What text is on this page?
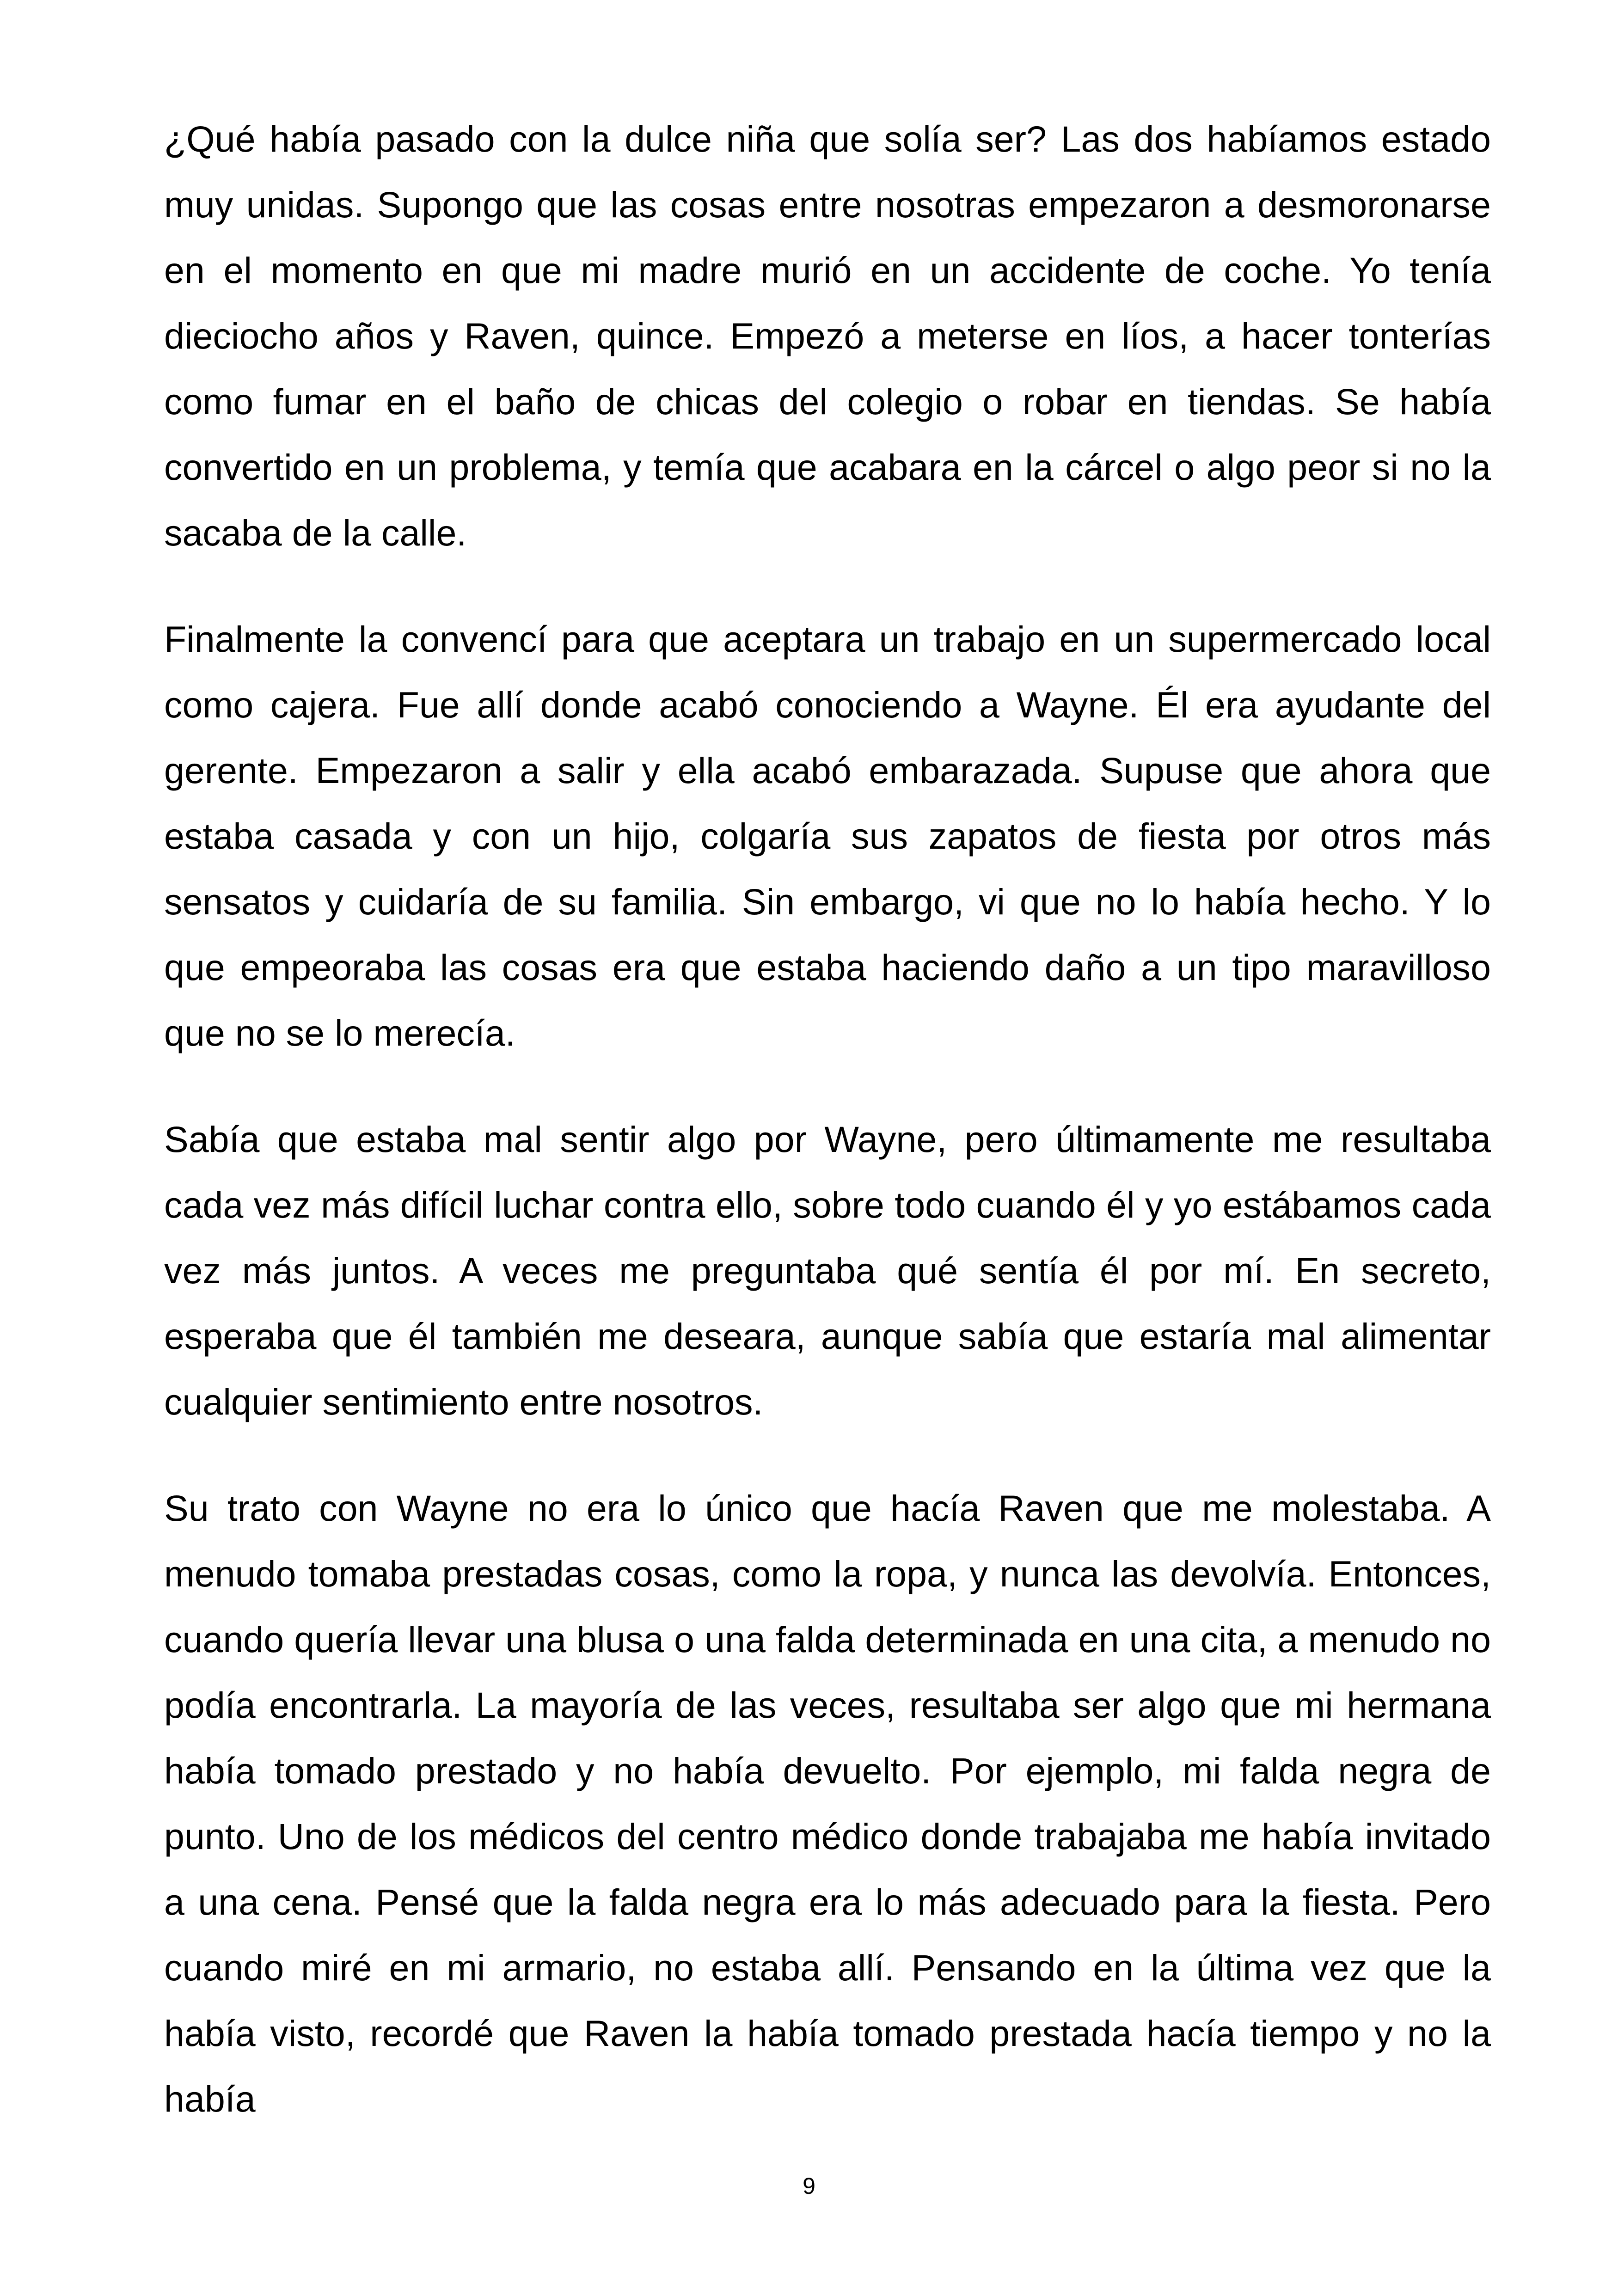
¿Qué había pasado con la dulce niña que solía ser? Las dos habíamos estado muy unidas. Supongo que las cosas entre nosotras empezaron a desmoronarse en el momento en que mi madre murió en un accidente de coche. Yo tenía dieciocho años y Raven, quince. Empezó a meterse en líos, a hacer tonterías como fumar en el baño de chicas del colegio o robar en tiendas. Se había convertido en un problema, y temía que acabara en la cárcel o algo peor si no la sacaba de la calle.

Finalmente la convencí para que aceptara un trabajo en un supermercado local como cajera. Fue allí donde acabó conociendo a Wayne. Él era ayudante del gerente. Empezaron a salir y ella acabó embarazada. Supuse que ahora que estaba casada y con un hijo, colgaría sus zapatos de fiesta por otros más sensatos y cuidaría de su familia. Sin embargo, vi que no lo había hecho. Y lo que empeoraba las cosas era que estaba haciendo daño a un tipo maravilloso que no se lo merecía.

Sabía que estaba mal sentir algo por Wayne, pero últimamente me resultaba cada vez más difícil luchar contra ello, sobre todo cuando él y yo estábamos cada vez más juntos. A veces me preguntaba qué sentía él por mí. En secreto, esperaba que él también me deseara, aunque sabía que estaría mal alimentar cualquier sentimiento entre nosotros.

Su trato con Wayne no era lo único que hacía Raven que me molestaba. A menudo tomaba prestadas cosas, como la ropa, y nunca las devolvía. Entonces, cuando quería llevar una blusa o una falda determinada en una cita, a menudo no podía encontrarla. La mayoría de las veces, resultaba ser algo que mi hermana había tomado prestado y no había devuelto. Por ejemplo, mi falda negra de punto. Uno de los médicos del centro médico donde trabajaba me había invitado a una cena. Pensé que la falda negra era lo más adecuado para la fiesta. Pero cuando miré en mi armario, no estaba allí. Pensando en la última vez que la había visto, recordé que Raven la había tomado prestada hacía tiempo y no la había

9
